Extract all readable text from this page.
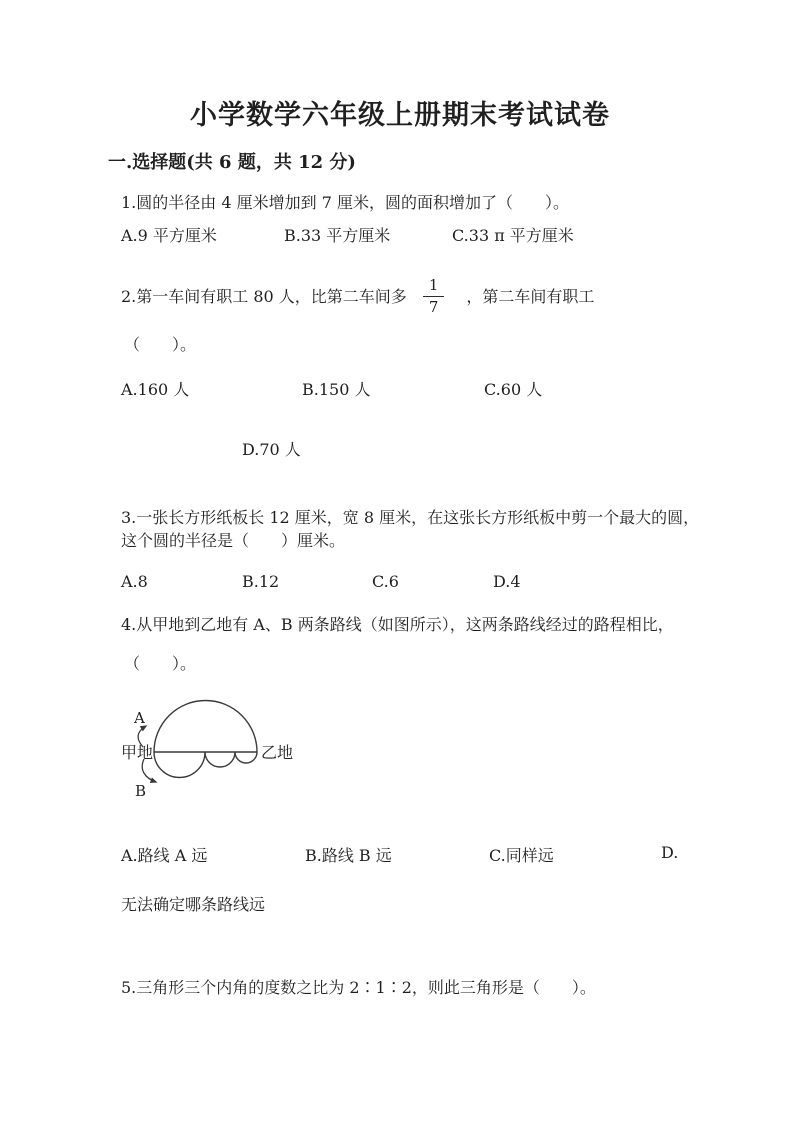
小学数学六年级上册期末考试试卷
一.选择题(共 6 题，共 12 分)
1.圆的半径由 4 厘米增加到 7 厘米，圆的面积增加了（　　）。
A.9 平方厘米	B.33 平方厘米	C.33 π 平方厘米
2.第一车间有职工 80 人，比第二车间多 $\frac{1}{7}$ ，第二车间有职工
（　　）。
A.160 人	B.150 人	C.60 人
D.70 人
3.一张长方形纸板长 12 厘米，宽 8 厘米，在这张长方形纸板中剪一个最大的圆，这个圆的半径是（　　）厘米。
A.8	B.12	C.6	D.4
4.从甲地到乙地有 A、B 两条路线（如图所示），这两条路线经过的路程相比，
（　　）。
甲地	乙地
A
B
A.路线 A 远	B.路线 B 远	C.同样远	D.
无法确定哪条路线远
5.三角形三个内角的度数之比为 2∶1∶2，则此三角形是（　　）。
